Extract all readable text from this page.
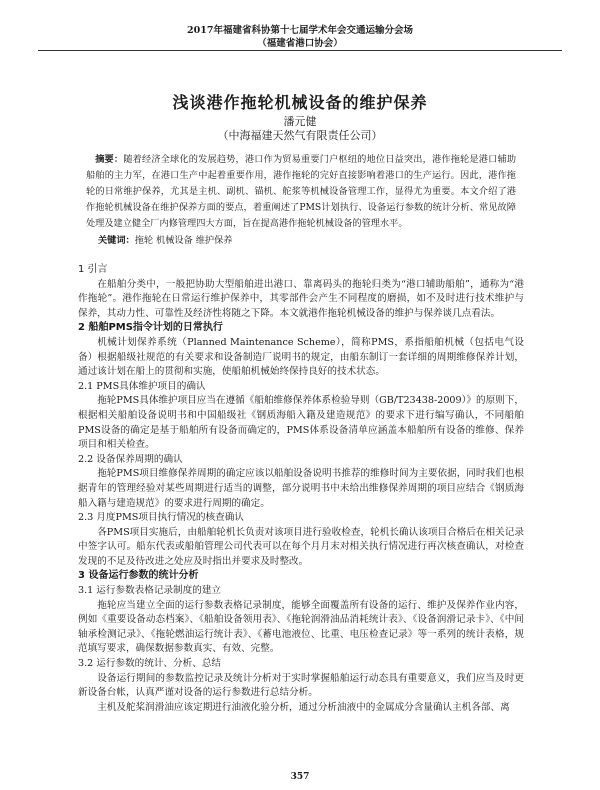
2017年福建省科协第十七届学术年会交通运输分会场
（福建省港口协会）
浅谈港作拖轮机械设备的维护保养
潘元健
（中海福建天然气有限责任公司）
摘要：随着经济全球化的发展趋势，港口作为贸易重要门户枢纽的地位日益突出，港作拖轮是港口辅助船舶的主力军，在港口生产中起着重要作用，港作拖轮的完好直接影响着港口的生产运行。因此，港作拖轮的日常维护保养，尤其是主机、副机、锚机、舵浆等机械设备管理工作，显得尤为重要。本文介绍了港作拖轮机械设备在维护保养方面的要点，着重阐述了PMS计划执行、设备运行参数的统计分析、常见故障处理及建立健全厂内修管理四大方面，旨在提高港作拖轮机械设备的管理水平。
关键词：拖轮 机械设备 维护保养

1 引言

在船舶分类中，一般把协助大型船舶进出港口、靠离码头的拖轮归类为“港口辅助船舶”，通称为“港作拖轮”。港作拖轮在日常运行维护保养中，其零部件会产生不同程度的磨损，如不及时进行技术维护与保养，其动力性、可靠性及经济性将随之下降。本文就港作拖轮机械设备的维护与保养谈几点看法。

2 船舶PMS指令计划的日常执行

机械计划保养系统（Planned Maintenance Scheme），简称PMS，系指船舶机械（包括电气设备）根据船级社规范的有关要求和设备制造厂说明书的规定，由船东制订一套详细的周期维修保养计划，通过该计划在船上的贯彻和实施，使船舶机械始终保持良好的技术状态。

2.1 PMS具体维护项目的确认

拖轮PMS具体维护项目应当在遵循《船舶维修保养体系检验导则（GB/T23438-2009）》的原则下，根据相关船舶设备说明书和中国船级社《钢质海船入籍及建造规范》的要求下进行编写确认，不同船舶PMS设备的确定是基于船舶所有设备而确定的，PMS体系设备清单应涵盖本船舶所有设备的维修、保养项目和相关检查。

2.2 设备保养周期的确认

拖轮PMS项目维修保养周期的确定应该以船舶设备说明书推荐的维修时间为主要依据，同时我们也根据青年的管理经验对某些周期进行适当的调整，部分说明书中未给出维修保养周期的项目应结合《钢质海船入籍与建造规范》的要求进行周期的确定。

2.3 月度PMS项目执行情况的核查确认

各PMS项目实施后，由船舶轮机长负责对该项目进行验收检查，轮机长确认该项目合格后在相关记录中签字认可。船东代表或船舶管理公司代表可以在每个月月末对相关执行情况进行再次核查确认，对检查发现的不足及待改进之处应及时指出并要求及时整改。

3 设备运行参数的统计分析

3.1 运行参数表格记录制度的建立

拖轮应当建立全面的运行参数表格记录制度，能够全面覆盖所有设备的运行、维护及保养作业内容，例如《重要设备动态档案》、《船舶设备领用表》、《拖轮润滑油品消耗统计表》、《设备润滑记录卡》、《中间轴承检测记录》、《拖轮燃油运行统计表》、《蓄电池液位、比重、电压检查记录》等一系列的统计表格，规范填写要求，确保数据参数真实、有效、完整。

3.2 运行参数的统计、分析、总结

设备运行期间的参数监控记录及统计分析对于实时掌握船舶运行动态具有重要意义，我们应当及时更新设备台帐，认真严谨对设备的运行参数进行总结分析。

主机及舵桨润滑油应该定期进行油液化验分析，通过分析油液中的金属成分含量确认主机各部、离

357
